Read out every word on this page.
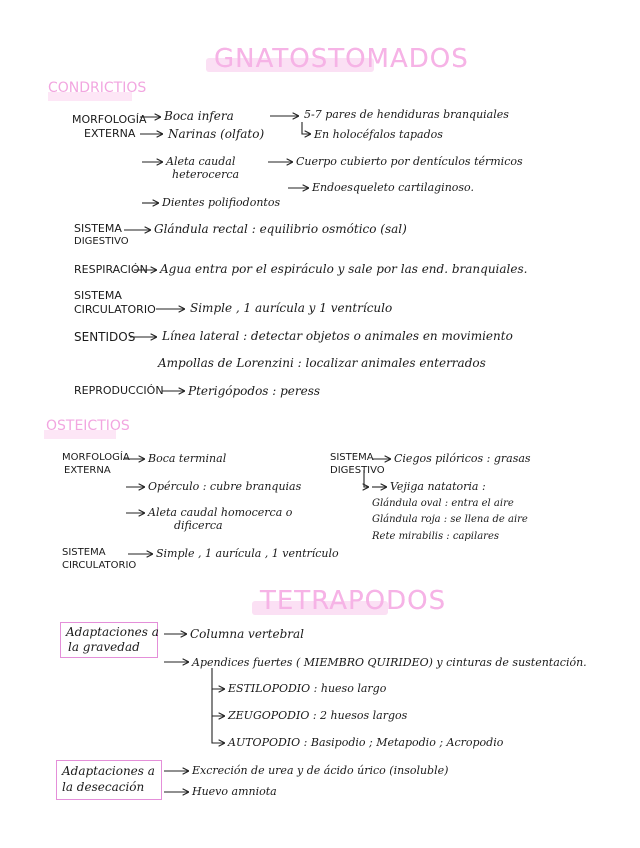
GNATOSTOMADOS
CONDRICTIOS
MORFOLOGÍA
EXTERNA
Boca infera
Narinas (olfato)
5-7 pares de hendiduras branquiales
En holocéfalos tapados
Aleta caudal
heterocerca
Cuerpo cubierto por dentículos térmicos
Endoesqueleto cartilaginoso.
Dientes polifiodontos
SISTEMA
DIGESTIVO
Glándula rectal : equilibrio osmótico (sal)
RESPIRACIÓN Agua entra por el espiráculo y sale por las end. branquiales.
SISTEMA
CIRCULATORIO	Simple , 1 aurícula y 1 ventrículo
SENTIDOS Línea lateral : detectar objetos o animales en movimiento
Ampollas de Lorenzini : localizar animales enterrados
REPRODUCCIÓN Pterigópodos : peress
OSTEICTIOS
MORFOLOGÍA
EXTERNA
Boca terminal
Opérculo : cubre branquias
Aleta caudal homocerca o
dificerca
SISTEMA
CIRCULATORIO
Simple , 1 aurícula , 1 ventrículo
SISTEMA
DIGESTIVO
Ciegos pilóricos : grasas
Vejiga natatoria :
Glándula oval : entra el aire
Glándula roja : se llena de aire
Rete mirabilis : capilares
TETRAPODOS
Adaptaciones a
la gravedad
Columna vertebral
Apendices fuertes ( MIEMBRO QUIRIDEO) y cinturas de sustentación.
ESTILOPODIO : hueso largo
ZEUGOPODIO : 2 huesos largos
AUTOPODIO : Basipodio ; Metapodio ; Acropodio
Adaptaciones a
la desecación
Excreción de urea y de ácido úrico (insoluble)
Huevo amniota
